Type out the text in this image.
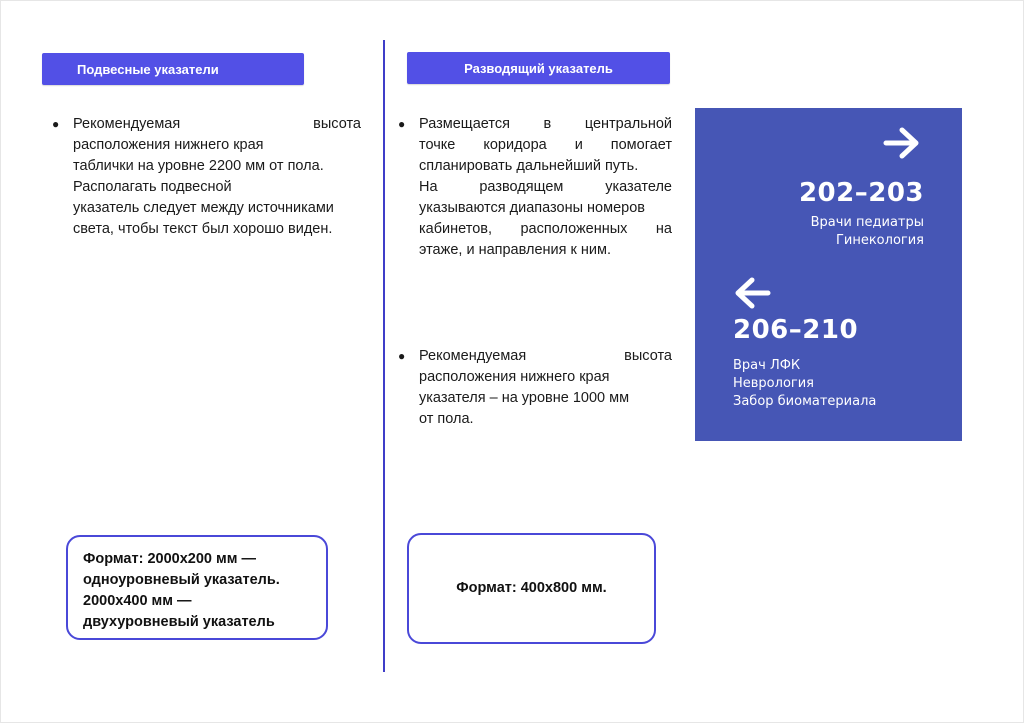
Подвесные указатели	Разводящий указатель
● Рекомендуемая	высота
расположения нижнего края
таблички на уровне 2200 мм от пола.
Располагать подвесной
указатель следует между источниками
света, чтобы текст был хорошо виден.
● Размещается в центральной
точке коридора и помогает
спланировать дальнейший путь.
На	разводящем	указателе
указываются диапазоны номеров
кабинетов, расположенных на
этаже, и направления к ним.
● Рекомендуемая	высота
расположения нижнего края
указателя – на уровне 1000 мм
от пола.
Формат: 2000х200 мм —
одноуровневый указатель.
2000х400 мм —
двухуровневый указатель
Формат: 400х800 мм.
202–203
Врачи педиатры
Гинекология
206–210
Врач ЛФК
Неврология
Забор биоматериала
